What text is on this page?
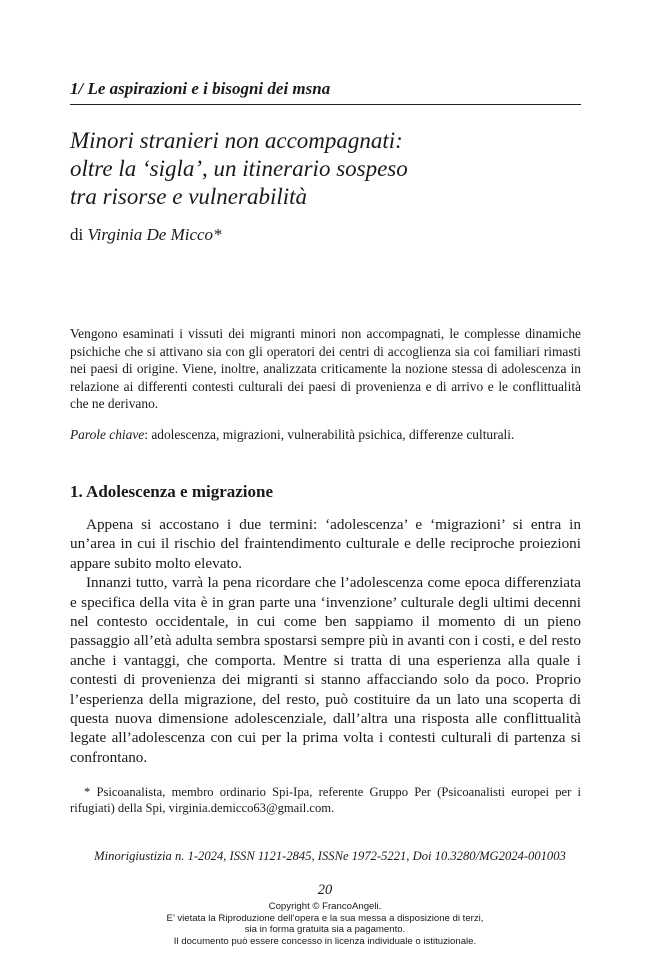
1/ Le aspirazioni e i bisogni dei msna
Minori stranieri non accompagnati:
oltre la ‘sigla’, un itinerario sospeso
tra risorse e vulnerabilità
di Virginia De Micco*

Vengono esaminati i vissuti dei migranti minori non accompagnati, le complesse dinamiche psichiche che si attivano sia con gli operatori dei centri di accoglienza sia coi familiari rimasti nei paesi di origine. Viene, inoltre, analizzata criticamente la nozione stessa di adolescenza in relazione ai differenti contesti culturali dei paesi di provenienza e di arrivo e le conflittualità che ne derivano.

Parole chiave: adolescenza, migrazioni, vulnerabilità psichica, differenze culturali.

1. Adolescenza e migrazione

Appena si accostano i due termini: ‘adolescenza’ e ‘migrazioni’ si entra in un’area in cui il rischio del fraintendimento culturale e delle reciproche proiezioni appare subito molto elevato.

Innanzi tutto, varrà la pena ricordare che l’adolescenza come epoca differenziata e specifica della vita è in gran parte una ‘invenzione’ culturale degli ultimi decenni nel contesto occidentale, in cui come ben sappiamo il momento di un pieno passaggio all’età adulta sembra spostarsi sempre più in avanti con i costi, e del resto anche i vantaggi, che comporta. Mentre si tratta di una esperienza alla quale i contesti di provenienza dei migranti si stanno affacciando solo da poco. Proprio l’esperienza della migrazione, del resto, può costituire da un lato una scoperta di questa nuova dimensione adolescenziale, dall’altra una risposta alle conflittualità legate all’adolescenza con cui per la prima volta i contesti culturali di partenza si confrontano.

* Psicoanalista, membro ordinario Spi-Ipa, referente Gruppo Per (Psicoanalisti europei per i rifugiati) della Spi, virginia.demicco63@gmail.com.

Minorigiustizia n. 1-2024, ISSN 1121-2845, ISSNe 1972-5221, Doi 10.3280/MG2024-001003

20
Copyright © FrancoAngeli.
E’ vietata la Riproduzione dell’opera e la sua messa a disposizione di terzi,
sia in forma gratuita sia a pagamento.
Il documento può essere concesso in licenza individuale o istituzionale.
